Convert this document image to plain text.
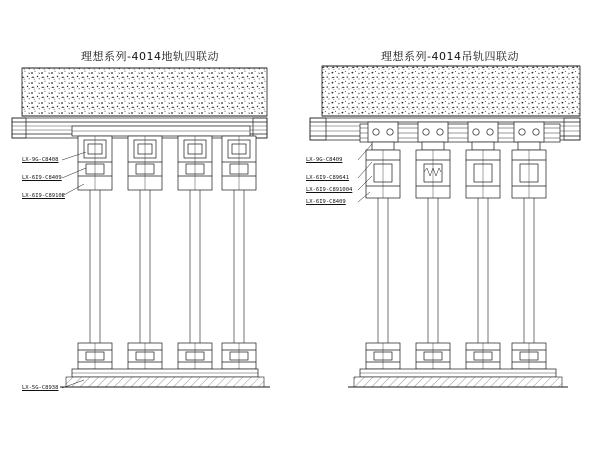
理想系列-4014地轨四联动
LX-9G-C8408
LX-6I9-C8409
LX-6I9-C8910E
LX-5G-C8938
理想系列-4014吊轨四联动
LX-9G-C8409
LX-6I9-C89641
LX-6I9-C891004
LX-6I9-C8409
